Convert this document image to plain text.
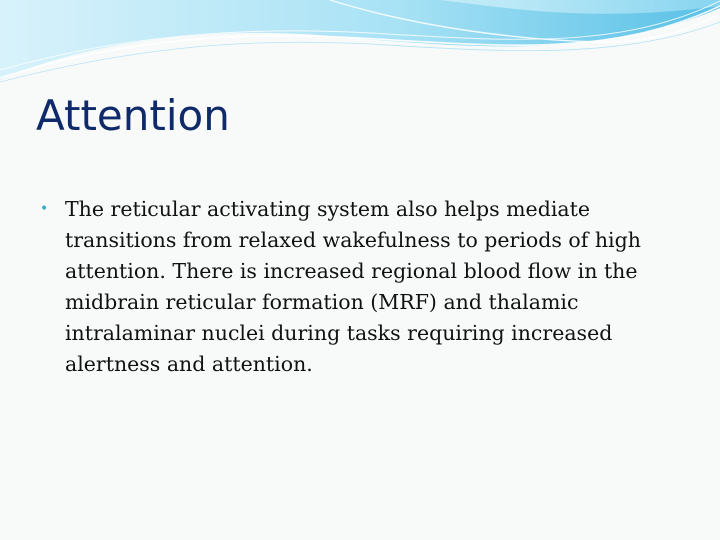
Attention
• The reticular activating system also helps mediate transitions from relaxed wakefulness to periods of high attention. There is increased regional blood flow in the midbrain reticular formation (MRF) and thalamic intralaminar nuclei during tasks requiring increased alertness and attention.
